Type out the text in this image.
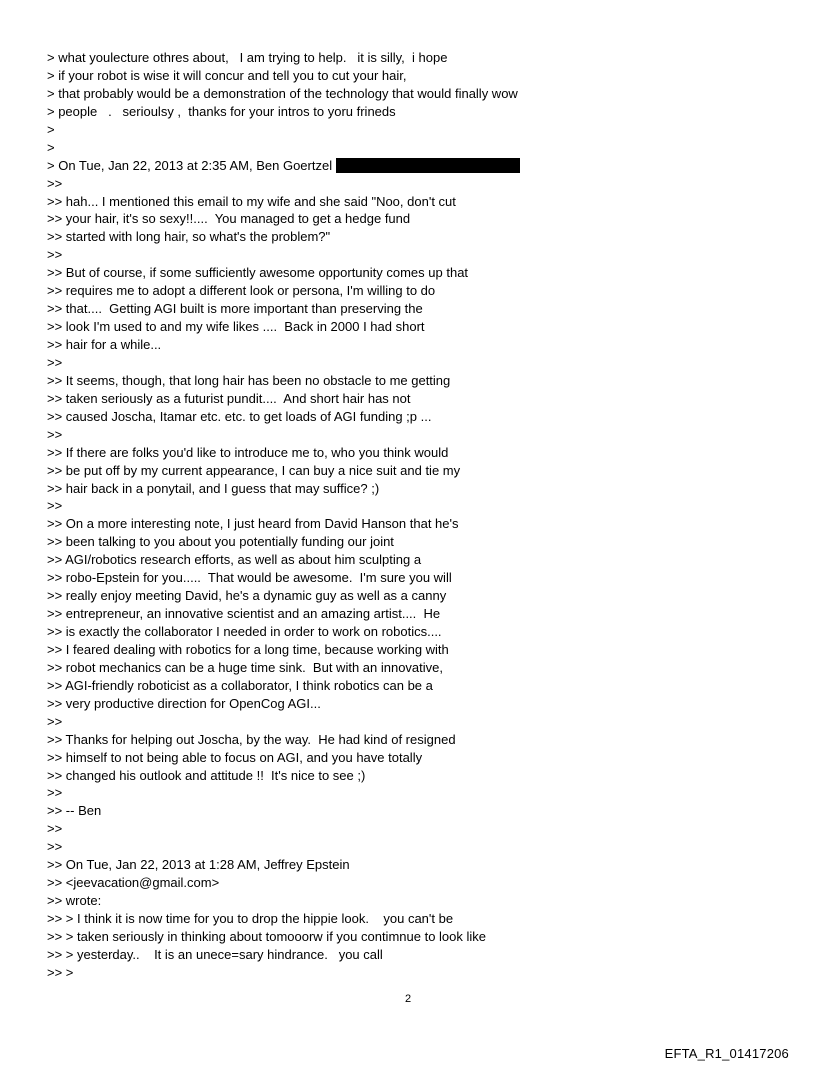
> what youlecture othres about,   I am trying to help.   it is silly,  i hope
> if your robot is wise it will concur and tell you to cut your hair,
> that probably would be a demonstration of the technology that would finally wow
> people   .   serioulsy ,  thanks for your intros to yoru frineds
>
>
> On Tue, Jan 22, 2013 at 2:35 AM, Ben Goertzel
>>
>> hah... I mentioned this email to my wife and she said "Noo, don't cut
>> your hair, it's so sexy!!....  You managed to get a hedge fund
>> started with long hair, so what's the problem?"
>>
>> But of course, if some sufficiently awesome opportunity comes up that
>> requires me to adopt a different look or persona, I'm willing to do
>> that....  Getting AGI built is more important than preserving the
>> look I'm used to and my wife likes ....  Back in 2000 I had short
>> hair for a while...
>>
>> It seems, though, that long hair has been no obstacle to me getting
>> taken seriously as a futurist pundit....  And short hair has not
>> caused Joscha, Itamar etc. etc. to get loads of AGI funding ;p ...
>>
>> If there are folks you'd like to introduce me to, who you think would
>> be put off by my current appearance, I can buy a nice suit and tie my
>> hair back in a ponytail, and I guess that may suffice? ;)
>>
>> On a more interesting note, I just heard from David Hanson that he's
>> been talking to you about you potentially funding our joint
>> AGI/robotics research efforts, as well as about him sculpting a
>> robo-Epstein for you.....  That would be awesome.  I'm sure you will
>> really enjoy meeting David, he's a dynamic guy as well as a canny
>> entrepreneur, an innovative scientist and an amazing artist....  He
>> is exactly the collaborator I needed in order to work on robotics....
>> I feared dealing with robotics for a long time, because working with
>> robot mechanics can be a huge time sink.  But with an innovative,
>> AGI-friendly roboticist as a collaborator, I think robotics can be a
>> very productive direction for OpenCog AGI...
>>
>> Thanks for helping out Joscha, by the way.  He had kind of resigned
>> himself to not being able to focus on AGI, and you have totally
>> changed his outlook and attitude !!  It's nice to see ;)
>>
>> -- Ben
>>
>>
>> On Tue, Jan 22, 2013 at 1:28 AM, Jeffrey Epstein
>> <jeevacation@gmail.com>
>> wrote:
>> > I think it is now time for you to drop the hippie look.    you can't be
>> > taken seriously in thinking about tomooorw if you contimnue to look like
>> > yesterday..    It is an unece=sary hindrance.   you call
>> >
2
EFTA_R1_01417206
